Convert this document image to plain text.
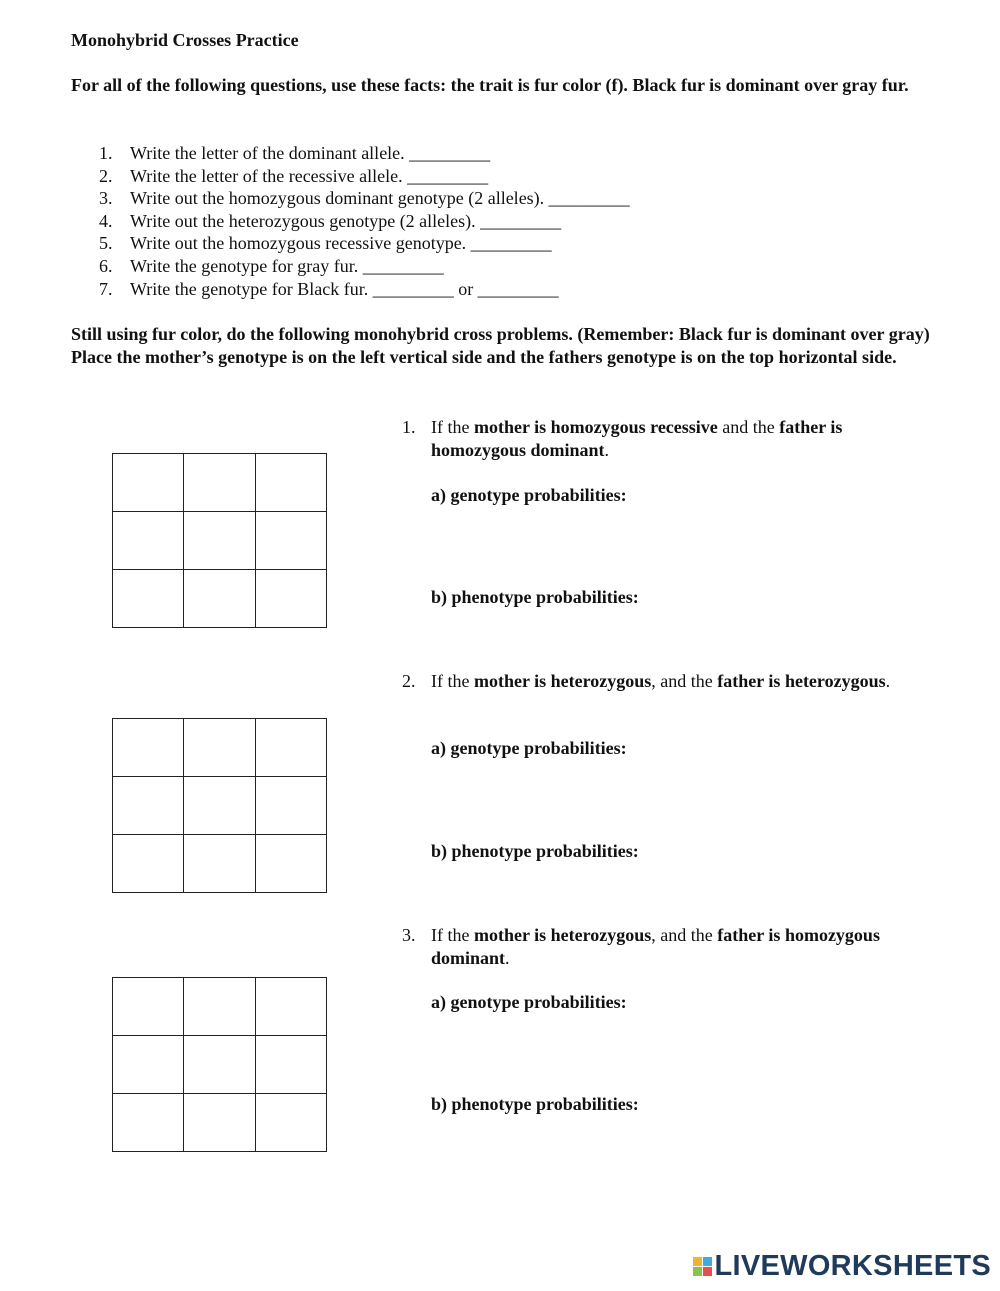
Monohybrid Crosses Practice
For all of the following questions, use these facts: the trait is fur color (f). Black fur is dominant over gray fur.
1. Write the letter of the dominant allele. _________
2. Write the letter of the recessive allele. _________
3. Write out the homozygous dominant genotype (2 alleles). _________
4. Write out the heterozygous genotype (2 alleles). _________
5. Write out the homozygous recessive genotype. _________
6. Write the genotype for gray fur. _________
7. Write the genotype for Black fur. _________ or _________
Still using fur color, do the following monohybrid cross problems. (Remember: Black fur is dominant over gray) Place the mother’s genotype is on the left vertical side and the fathers genotype is on the top horizontal side.
1. If the mother is homozygous recessive and the father is homozygous dominant.
a) genotype probabilities:
b) phenotype probabilities:
2. If the mother is heterozygous, and the father is heterozygous.
a) genotype probabilities:
b) phenotype probabilities:
3. If the mother is heterozygous, and the father is homozygous dominant.
a) genotype probabilities:
b) phenotype probabilities:
LIVEWORKSHEETS
